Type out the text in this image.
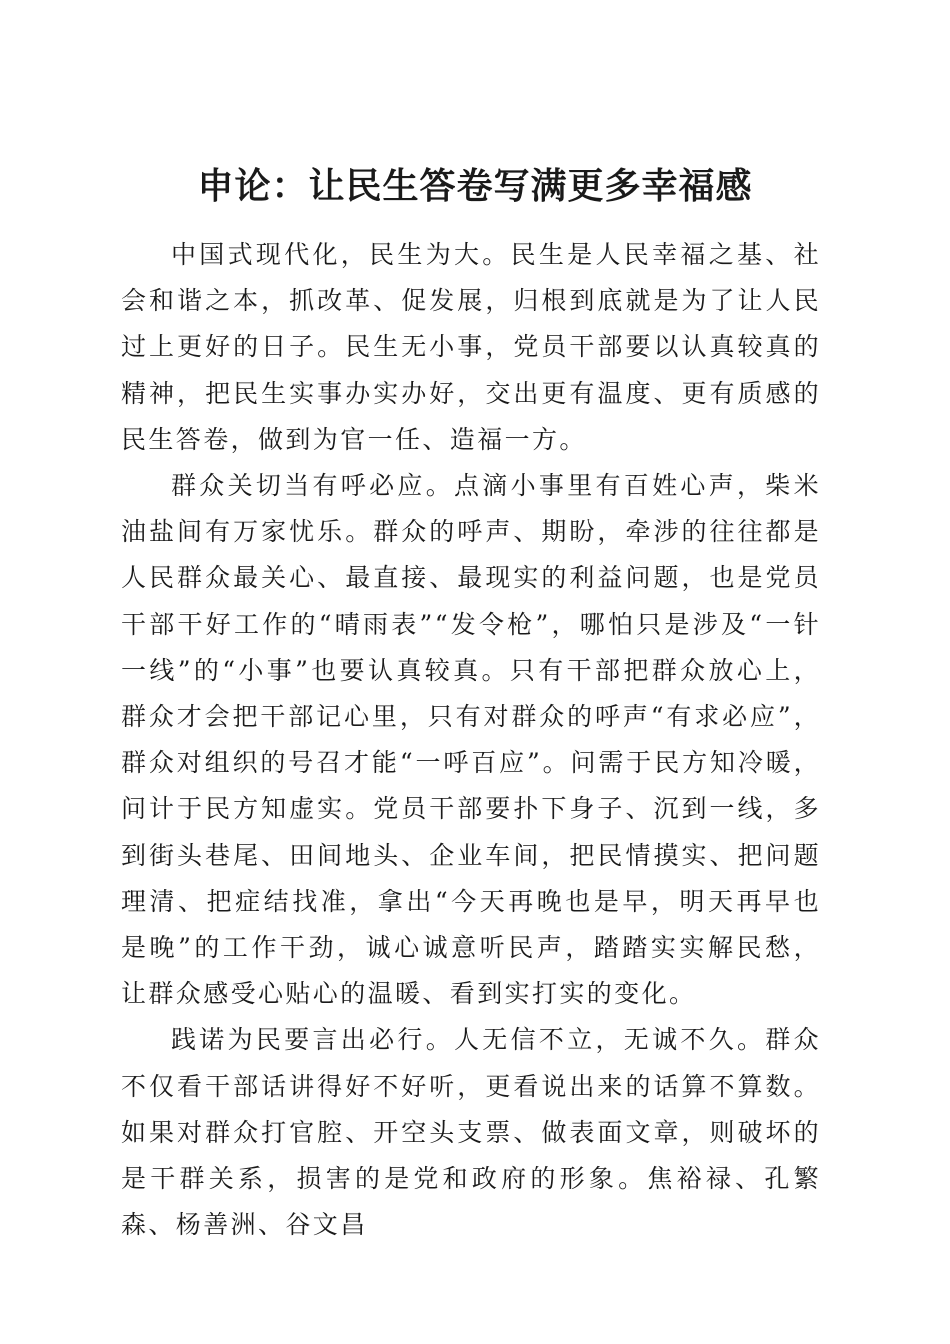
申论：让民生答卷写满更多幸福感

中国式现代化，民生为大。民生是人民幸福之基、社会和谐之本，抓改革、促发展，归根到底就是为了让人民过上更好的日子。民生无小事，党员干部要以认真较真的精神，把民生实事办实办好，交出更有温度、更有质感的民生答卷，做到为官一任、造福一方。

群众关切当有呼必应。点滴小事里有百姓心声，柴米油盐间有万家忧乐。群众的呼声、期盼，牵涉的往往都是人民群众最关心、最直接、最现实的利益问题，也是党员干部干好工作的“晴雨表”“发令枪”，哪怕只是涉及“一针一线”的“小事”也要认真较真。只有干部把群众放心上，群众才会把干部记心里，只有对群众的呼声“有求必应”，群众对组织的号召才能“一呼百应”。问需于民方知冷暖，问计于民方知虚实。党员干部要扑下身子、沉到一线，多到街头巷尾、田间地头、企业车间，把民情摸实、把问题理清、把症结找准，拿出“今天再晚也是早，明天再早也是晚”的工作干劲，诚心诚意听民声，踏踏实实解民愁，让群众感受心贴心的温暖、看到实打实的变化。

践诺为民要言出必行。人无信不立，无诚不久。群众不仅看干部话讲得好不好听，更看说出来的话算不算数。如果对群众打官腔、开空头支票、做表面文章，则破坏的是干群关系，损害的是党和政府的形象。焦裕禄、孔繁森、杨善洲、谷文昌
